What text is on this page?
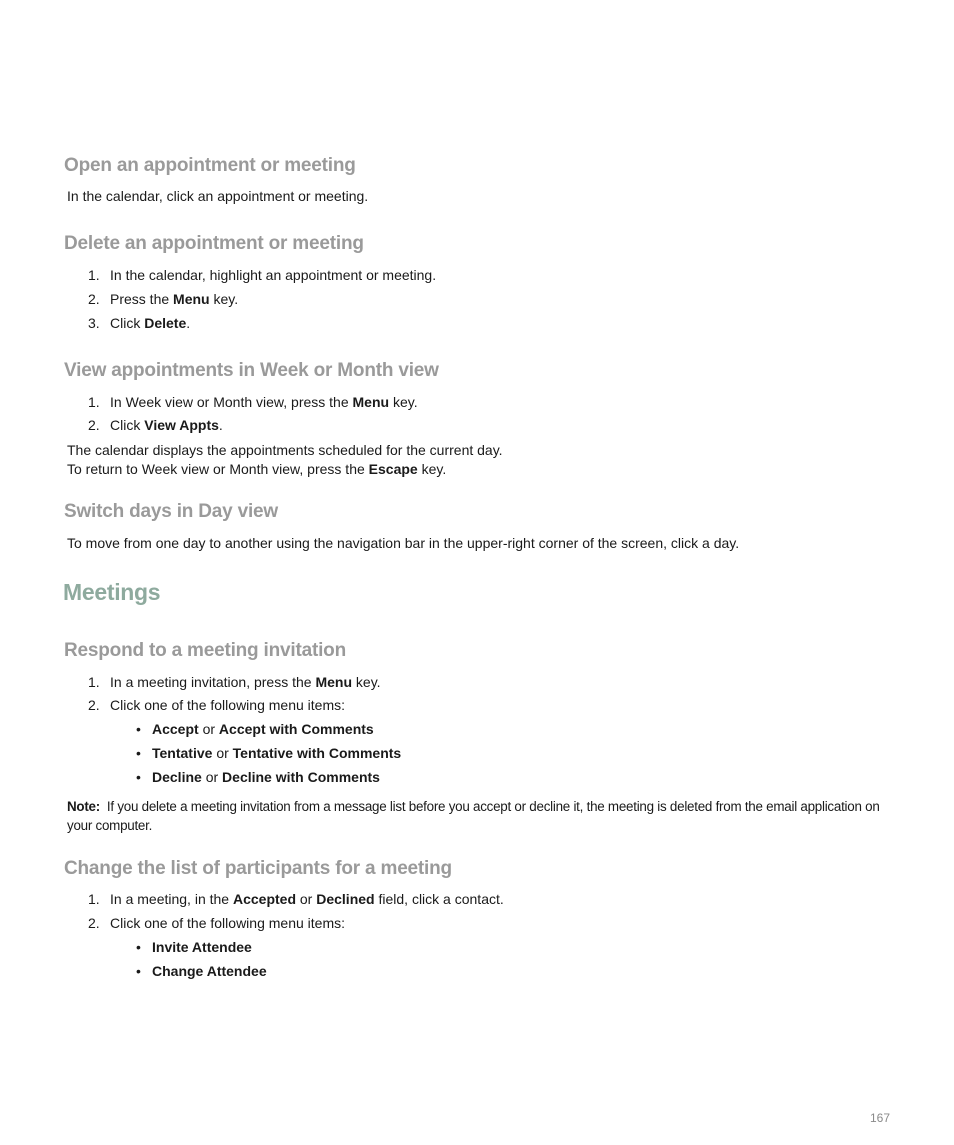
Open an appointment or meeting

In the calendar, click an appointment or meeting.

Delete an appointment or meeting

1. In the calendar, highlight an appointment or meeting.

2. Press the Menu key.

3. Click Delete.

View appointments in Week or Month view

1. In Week view or Month view, press the Menu key.

2. Click View Appts.

The calendar displays the appointments scheduled for the current day.

To return to Week view or Month view, press the Escape key.

Switch days in Day view

To move from one day to another using the navigation bar in the upper-right corner of the screen, click a day.

Meetings
Respond to a meeting invitation

1. In a meeting invitation, press the Menu key.

2. Click one of the following menu items:

• Accept or Accept with Comments

• Tentative or Tentative with Comments

• Decline or Decline with Comments

Note: If you delete a meeting invitation from a message list before you accept or decline it, the meeting is deleted from the email application on your computer.

Change the list of participants for a meeting

1. In a meeting, in the Accepted or Declined field, click a contact.

2. Click one of the following menu items:

• Invite Attendee

• Change Attendee

167
